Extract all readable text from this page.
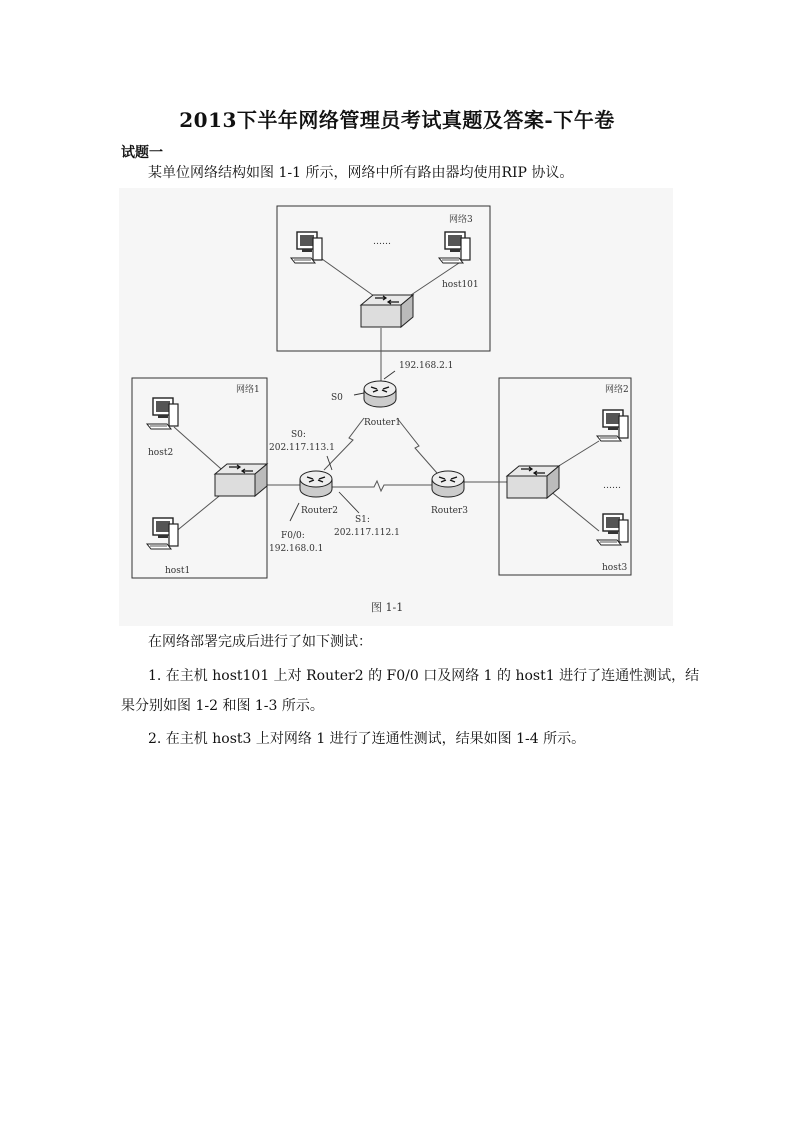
2013下半年网络管理员考试真题及答案-下午卷
试题一
某单位网络结构如图 1-1 所示，网络中所有路由器均使用RIP 协议。
网络3
……
host101
192.168.2.1
S0
Router1
网络1
host2
host1
S0:
202.117.113.1
Router2
S1:
202.117.112.1
F0/0:
192.168.0.1
Router3
网络2
……
host3
图 1-1
在网络部署完成后进行了如下测试：
1. 在主机 host101 上对 Router2 的 F0/0 口及网络 1 的 host1 进行了连通性测试，结
果分别如图 1-2 和图 1-3 所示。
2. 在主机 host3 上对网络 1 进行了连通性测试，结果如图 1-4 所示。
